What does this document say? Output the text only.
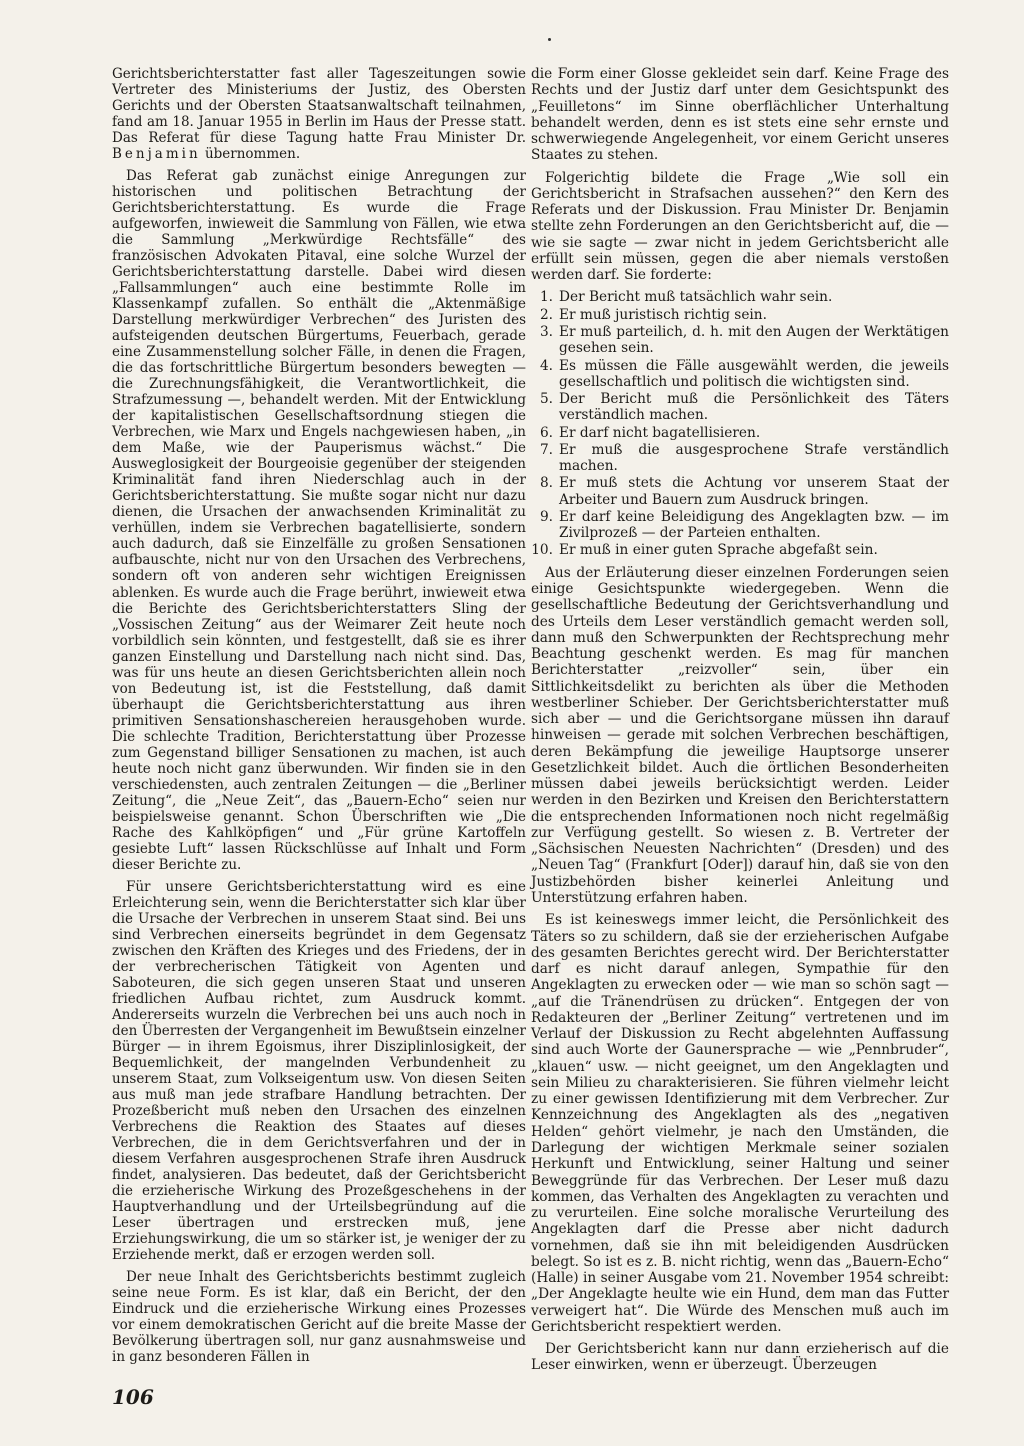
Gerichtsberichterstatter fast aller Tageszeitungen sowie Vertreter des Ministeriums der Justiz, des Obersten Gerichts und der Obersten Staatsanwaltschaft teilnahmen, fand am 18. Januar 1955 in Berlin im Haus der Presse statt. Das Referat für diese Tagung hatte Frau Minister Dr. Benjamin übernommen.

Das Referat gab zunächst einige Anregungen zur historischen und politischen Betrachtung der Gerichtsberichterstattung. Es wurde die Frage aufgeworfen, inwieweit die Sammlung von Fällen, wie etwa die Sammlung „Merkwürdige Rechtsfälle“ des französischen Advokaten Pitaval, eine solche Wurzel der Gerichtsberichterstattung darstelle. Dabei wird diesen „Fallsammlungen“ auch eine bestimmte Rolle im Klassenkampf zufallen. So enthält die „Aktenmäßige Darstellung merkwürdiger Verbrechen“ des Juristen des aufsteigenden deutschen Bürgertums, Feuerbach, gerade eine Zusammenstellung solcher Fälle, in denen die Fragen, die das fortschrittliche Bürgertum besonders bewegten — die Zurechnungsfähigkeit, die Verantwortlichkeit, die Strafzumessung —, behandelt werden. Mit der Entwicklung der kapitalistischen Gesellschaftsordnung stiegen die Verbrechen, wie Marx und Engels nachgewiesen haben, „in dem Maße, wie der Pauperismus wächst.“ Die Ausweglosigkeit der Bourgeoisie gegenüber der steigenden Kriminalität fand ihren Niederschlag auch in der Gerichtsberichterstattung. Sie mußte sogar nicht nur dazu dienen, die Ursachen der anwachsenden Kriminalität zu verhüllen, indem sie Verbrechen bagatellisierte, sondern auch dadurch, daß sie Einzelfälle zu großen Sensationen aufbauschte, nicht nur von den Ursachen des Verbrechens, sondern oft von anderen sehr wichtigen Ereignissen ablenken. Es wurde auch die Frage berührt, inwieweit etwa die Berichte des Gerichtsberichterstatters Sling der „Vossischen Zeitung“ aus der Weimarer Zeit heute noch vorbildlich sein könnten, und festgestellt, daß sie es ihrer ganzen Einstellung und Darstellung nach nicht sind. Das, was für uns heute an diesen Gerichtsberichten allein noch von Bedeutung ist, ist die Feststellung, daß damit überhaupt die Gerichtsberichterstattung aus ihren primitiven Sensationshaschereien herausgehoben wurde. Die schlechte Tradition, Berichterstattung über Prozesse zum Gegenstand billiger Sensationen zu machen, ist auch heute noch nicht ganz überwunden. Wir finden sie in den verschiedensten, auch zentralen Zeitungen — die „Berliner Zeitung“, die „Neue Zeit“, das „Bauern-Echo“ seien nur beispielsweise genannt. Schon Überschriften wie „Die Rache des Kahlköpfigen“ und „Für grüne Kartoffeln gesiebte Luft“ lassen Rückschlüsse auf Inhalt und Form dieser Berichte zu.

Für unsere Gerichtsberichterstattung wird es eine Erleichterung sein, wenn die Berichterstatter sich klar über die Ursache der Verbrechen in unserem Staat sind. Bei uns sind Verbrechen einerseits begründet in dem Gegensatz zwischen den Kräften des Krieges und des Friedens, der in der verbrecherischen Tätigkeit von Agenten und Saboteuren, die sich gegen unseren Staat und unseren friedlichen Aufbau richtet, zum Ausdruck kommt. Andererseits wurzeln die Verbrechen bei uns auch noch in den Überresten der Vergangenheit im Bewußtsein einzelner Bürger — in ihrem Egoismus, ihrer Disziplinlosigkeit, der Bequemlichkeit, der mangelnden Verbundenheit zu unserem Staat, zum Volkseigentum usw. Von diesen Seiten aus muß man jede strafbare Handlung betrachten. Der Prozeßbericht muß neben den Ursachen des einzelnen Verbrechens die Reaktion des Staates auf dieses Verbrechen, die in dem Gerichtsverfahren und der in diesem Verfahren ausgesprochenen Strafe ihren Ausdruck findet, analysieren. Das bedeutet, daß der Gerichtsbericht die erzieherische Wirkung des Prozeßgeschehens in der Hauptverhandlung und der Urteilsbegründung auf die Leser übertragen und erstrecken muß, jene Erziehungswirkung, die um so stärker ist, je weniger der zu Erziehende merkt, daß er erzogen werden soll.

Der neue Inhalt des Gerichtsberichts bestimmt zugleich seine neue Form. Es ist klar, daß ein Bericht, der den Eindruck und die erzieherische Wirkung eines Prozesses vor einem demokratischen Gericht auf die breite Masse der Bevölkerung übertragen soll, nur ganz ausnahmsweise und in ganz besonderen Fällen in

die Form einer Glosse gekleidet sein darf. Keine Frage des Rechts und der Justiz darf unter dem Gesichtspunkt des „Feuilletons“ im Sinne oberflächlicher Unterhaltung behandelt werden, denn es ist stets eine sehr ernste und schwerwiegende Angelegenheit, vor einem Gericht unseres Staates zu stehen.

Folgerichtig bildete die Frage „Wie soll ein Gerichtsbericht in Strafsachen aussehen?“ den Kern des Referats und der Diskussion. Frau Minister Dr. Benjamin stellte zehn Forderungen an den Gerichtsbericht auf, die — wie sie sagte — zwar nicht in jedem Gerichtsbericht alle erfüllt sein müssen, gegen die aber niemals verstoßen werden darf. Sie forderte:

1. Der Bericht muß tatsächlich wahr sein.
2. Er muß juristisch richtig sein.
3. Er muß parteilich, d. h. mit den Augen der Werktätigen gesehen sein.
4. Es müssen die Fälle ausgewählt werden, die jeweils gesellschaftlich und politisch die wichtigsten sind.
5. Der Bericht muß die Persönlichkeit des Täters verständlich machen.
6. Er darf nicht bagatellisieren.
7. Er muß die ausgesprochene Strafe verständlich machen.
8. Er muß stets die Achtung vor unserem Staat der Arbeiter und Bauern zum Ausdruck bringen.
9. Er darf keine Beleidigung des Angeklagten bzw. — im Zivilprozeß — der Parteien enthalten.
10. Er muß in einer guten Sprache abgefaßt sein.

Aus der Erläuterung dieser einzelnen Forderungen seien einige Gesichtspunkte wiedergegeben. Wenn die gesellschaftliche Bedeutung der Gerichtsverhandlung und des Urteils dem Leser verständlich gemacht werden soll, dann muß den Schwerpunkten der Rechtsprechung mehr Beachtung geschenkt werden. Es mag für manchen Berichterstatter „reizvoller“ sein, über ein Sittlichkeitsdelikt zu berichten als über die Methoden westberliner Schieber. Der Gerichtsberichterstatter muß sich aber — und die Gerichtsorgane müssen ihn darauf hinweisen — gerade mit solchen Verbrechen beschäftigen, deren Bekämpfung die jeweilige Hauptsorge unserer Gesetzlichkeit bildet. Auch die örtlichen Besonderheiten müssen dabei jeweils berücksichtigt werden. Leider werden in den Bezirken und Kreisen den Berichterstattern die entsprechenden Informationen noch nicht regelmäßig zur Verfügung gestellt. So wiesen z. B. Vertreter der „Sächsischen Neuesten Nachrichten“ (Dresden) und des „Neuen Tag“ (Frankfurt [Oder]) darauf hin, daß sie von den Justizbehörden bisher keinerlei Anleitung und Unterstützung erfahren haben.

Es ist keineswegs immer leicht, die Persönlichkeit des Täters so zu schildern, daß sie der erzieherischen Aufgabe des gesamten Berichtes gerecht wird. Der Berichterstatter darf es nicht darauf anlegen, Sympathie für den Angeklagten zu erwecken oder — wie man so schön sagt — „auf die Tränendrüsen zu drücken“. Entgegen der von Redakteuren der „Berliner Zeitung“ vertretenen und im Verlauf der Diskussion zu Recht abgelehnten Auffassung sind auch Worte der Gaunersprache — wie „Pennbruder“, „klauen“ usw. — nicht geeignet, um den Angeklagten und sein Milieu zu charakterisieren. Sie führen vielmehr leicht zu einer gewissen Identifizierung mit dem Verbrecher. Zur Kennzeichnung des Angeklagten als des „negativen Helden“ gehört vielmehr, je nach den Umständen, die Darlegung der wichtigen Merkmale seiner sozialen Herkunft und Entwicklung, seiner Haltung und seiner Beweggründe für das Verbrechen. Der Leser muß dazu kommen, das Verhalten des Angeklagten zu verachten und zu verurteilen. Eine solche moralische Verurteilung des Angeklagten darf die Presse aber nicht dadurch vornehmen, daß sie ihn mit beleidigenden Ausdrücken belegt. So ist es z. B. nicht richtig, wenn das „Bauern-Echo“ (Halle) in seiner Ausgabe vom 21. November 1954 schreibt: „Der Angeklagte heulte wie ein Hund, dem man das Futter verweigert hat“. Die Würde des Menschen muß auch im Gerichtsbericht respektiert werden.

Der Gerichtsbericht kann nur dann erzieherisch auf die Leser einwirken, wenn er überzeugt. Überzeugen

106
